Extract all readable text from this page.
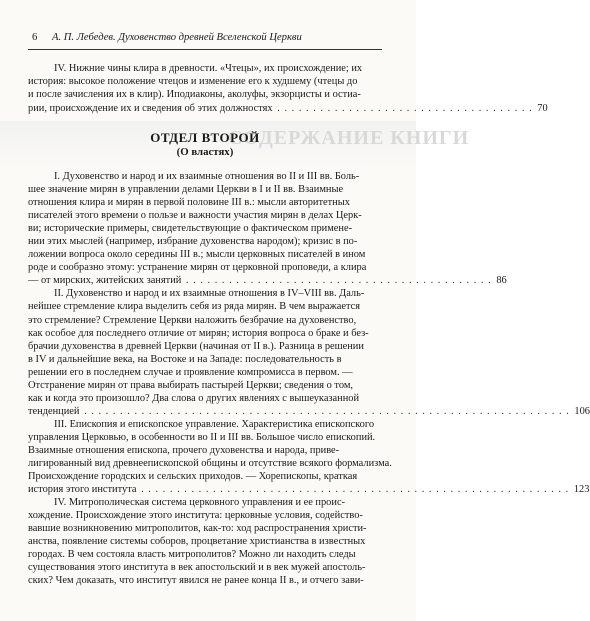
6 А. П. Лебедев. Духовенство древней Вселенской Церкви
IV. Нижние чины клира в древности. «Чтецы», их происхождение; их
история: высокое положение чтецов и изменение его к худшему (чтецы до
и после зачисления их в клир). Иподиаконы, аколуфы, экзорцисты и остиа-
рии, происхождение их и сведения об этих должностях . . . . . . . . . . . . . . . . . . . . . . . . . . . . . . . . . . . . 70
СОДЕРЖАНИЕ КНИГИ
ОТДЕЛ ВТОРОЙ
(О властях)
I. Духовенство и народ и их взаимные отношения во II и III вв. Боль-
шее значение мирян в управлении делами Церкви в I и II вв. Взаимные
отношения клира и мирян в первой половине III в.: мысли авторитетных
писателей этого времени о пользе и важности участия мирян в делах Церк-
ви; исторические примеры, свидетельствующие о фактическом примене-
нии этих мыслей (например, избрание духовенства народом); кризис в по-
ложении вопроса около середины III в.; мысли церковных писателей в ином
роде и сообразно этому: устранение мирян от церковной проповеди, а клира
— от мирских, житейских занятий . . . . . . . . . . . . . . . . . . . . . . . . . . . . . . . . . . . . . . . . . . . 86
II. Духовенство и народ и их взаимные отношения в IV–VIII вв. Даль-
нейшее стремление клира выделить себя из ряда мирян. В чем выражается
это стремление? Стремление Церкви наложить безбрачие на духовенство,
как особое для последнего отличие от мирян; история вопроса о браке и без-
брачии духовенства в древней Церкви (начиная от II в.). Разница в решении
в IV и дальнейшие века, на Востоке и на Западе: последовательность в
решении его в последнем случае и проявление компромисса в первом. —
Отстранение мирян от права выбирать пастырей Церкви; сведения о том,
как и когда это произошло? Два слова о других явлениях с вышеуказанной
тенденцией . . . . . . . . . . . . . . . . . . . . . . . . . . . . . . . . . . . . . . . . . . . . . . . . . . . . . . . . . . . . . . . . . . . . 106
III. Епископия и епископское управление. Характеристика епископского
управления Церковью, в особенности во II и III вв. Большое число епископий.
Взаимные отношения епископа, прочего духовенства и народа, приве-
лигированный вид древнеепископской общины и отсутствие всякого формализма.
Происхождение городских и сельских приходов. — Хорепископы, краткая
история этого института . . . . . . . . . . . . . . . . . . . . . . . . . . . . . . . . . . . . . . . . . . . . . . . . . . . . . . . . . . . . 123
IV. Митрополическая система церковного управления и ее проис-
хождение. Происхождение этого института: церковные условия, содейство-
вавшие возникновению митрополитов, как-то: ход распространения христи-
анства, появление системы соборов, процветание христианства в известных
городах. В чем состояла власть митрополитов? Можно ли находить следы
существования этого института в век апостольский и в век мужей апостоль-
ских? Чем доказать, что институт явился не ранее конца II в., и отчего зави-
